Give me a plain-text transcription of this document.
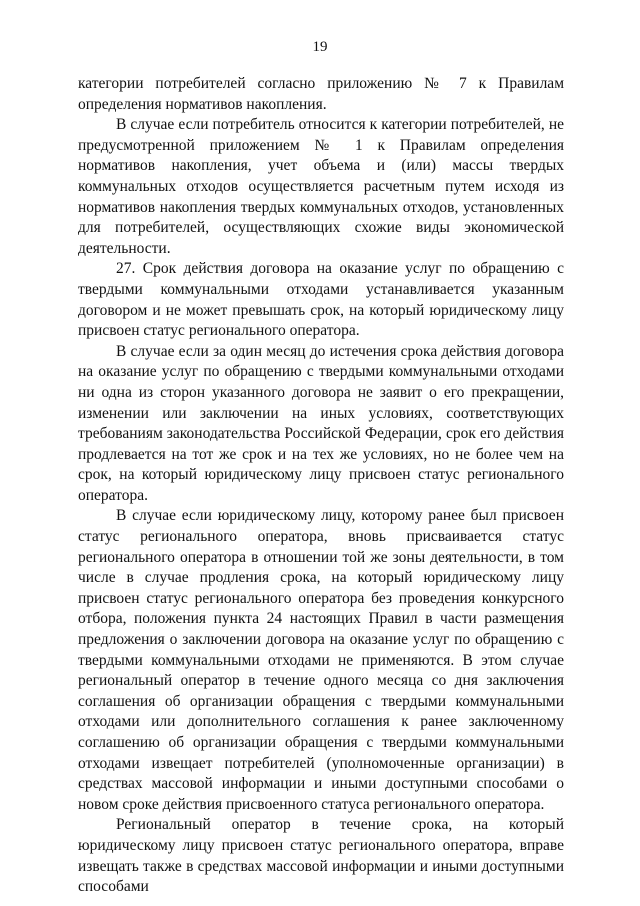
19

категории потребителей согласно приложению № 7 к Правилам определения нормативов накопления.

В случае если потребитель относится к категории потребителей, не предусмотренной приложением № 1 к Правилам определения нормативов накопления, учет объема и (или) массы твердых коммунальных отходов осуществляется расчетным путем исходя из нормативов накопления твердых коммунальных отходов, установленных для потребителей, осуществляющих схожие виды экономической деятельности.

27. Срок действия договора на оказание услуг по обращению с твердыми коммунальными отходами устанавливается указанным договором и не может превышать срок, на который юридическому лицу присвоен статус регионального оператора.

В случае если за один месяц до истечения срока действия договора на оказание услуг по обращению с твердыми коммунальными отходами ни одна из сторон указанного договора не заявит о его прекращении, изменении или заключении на иных условиях, соответствующих требованиям законодательства Российской Федерации, срок его действия продлевается на тот же срок и на тех же условиях, но не более чем на срок, на который юридическому лицу присвоен статус регионального оператора.

В случае если юридическому лицу, которому ранее был присвоен статус регионального оператора, вновь присваивается статус регионального оператора в отношении той же зоны деятельности, в том числе в случае продления срока, на который юридическому лицу присвоен статус регионального оператора без проведения конкурсного отбора, положения пункта 24 настоящих Правил в части размещения предложения о заключении договора на оказание услуг по обращению с твердыми коммунальными отходами не применяются. В этом случае региональный оператор в течение одного месяца со дня заключения соглашения об организации обращения с твердыми коммунальными отходами или дополнительного соглашения к ранее заключенному соглашению об организации обращения с твердыми коммунальными отходами извещает потребителей (уполномоченные организации) в средствах массовой информации и иными доступными способами о новом сроке действия присвоенного статуса регионального оператора.

Региональный оператор в течение срока, на который юридическому лицу присвоен статус регионального оператора, вправе извещать также в средствах массовой информации и иными доступными способами
